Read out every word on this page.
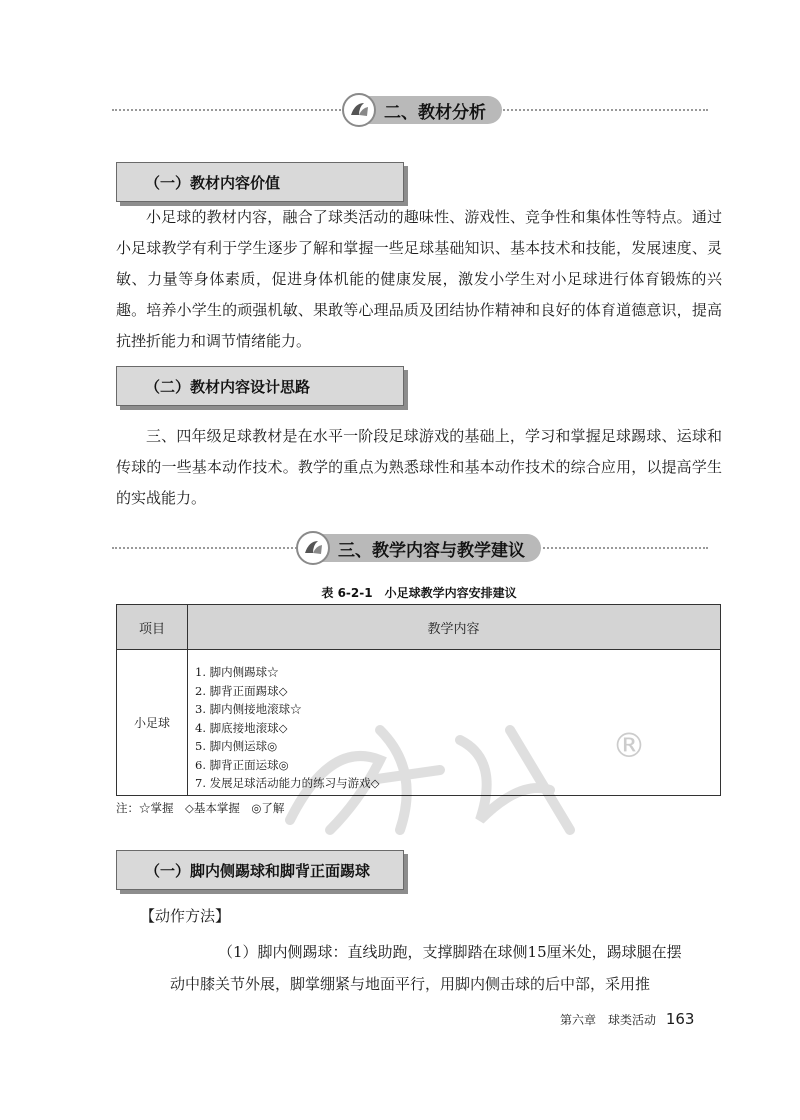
二、教材分析
（一）教材内容价值
小足球的教材内容，融合了球类活动的趣味性、游戏性、竞争性和集体性等特点。通过小足球教学有利于学生逐步了解和掌握一些足球基础知识、基本技术和技能，发展速度、灵敏、力量等身体素质，促进身体机能的健康发展，激发小学生对小足球进行体育锻炼的兴趣。培养小学生的顽强机敏、果敢等心理品质及团结协作精神和良好的体育道德意识，提高抗挫折能力和调节情绪能力。
（二）教材内容设计思路
三、四年级足球教材是在水平一阶段足球游戏的基础上，学习和掌握足球踢球、运球和传球的一些基本动作技术。教学的重点为熟悉球性和基本动作技术的综合应用，以提高学生的实战能力。
三、教学内容与教学建议
表 6-2-1　小足球教学内容安排建议
项目	教学内容
小足球
1. 脚内侧踢球☆
2. 脚背正面踢球◇
3. 脚内侧接地滚球☆
4. 脚底接地滚球◇
5. 脚内侧运球◎
6. 脚背正面运球◎
7. 发展足球活动能力的练习与游戏◇
注：☆掌握　◇基本掌握　◎了解
®
（一）脚内侧踢球和脚背正面踢球
【动作方法】
（1）脚内侧踢球：直线助跑，支撑脚踏在球侧15厘米处，踢球腿在摆
动中膝关节外展，脚掌绷紧与地面平行，用脚内侧击球的后中部，采用推
第六章　球类活动 163
